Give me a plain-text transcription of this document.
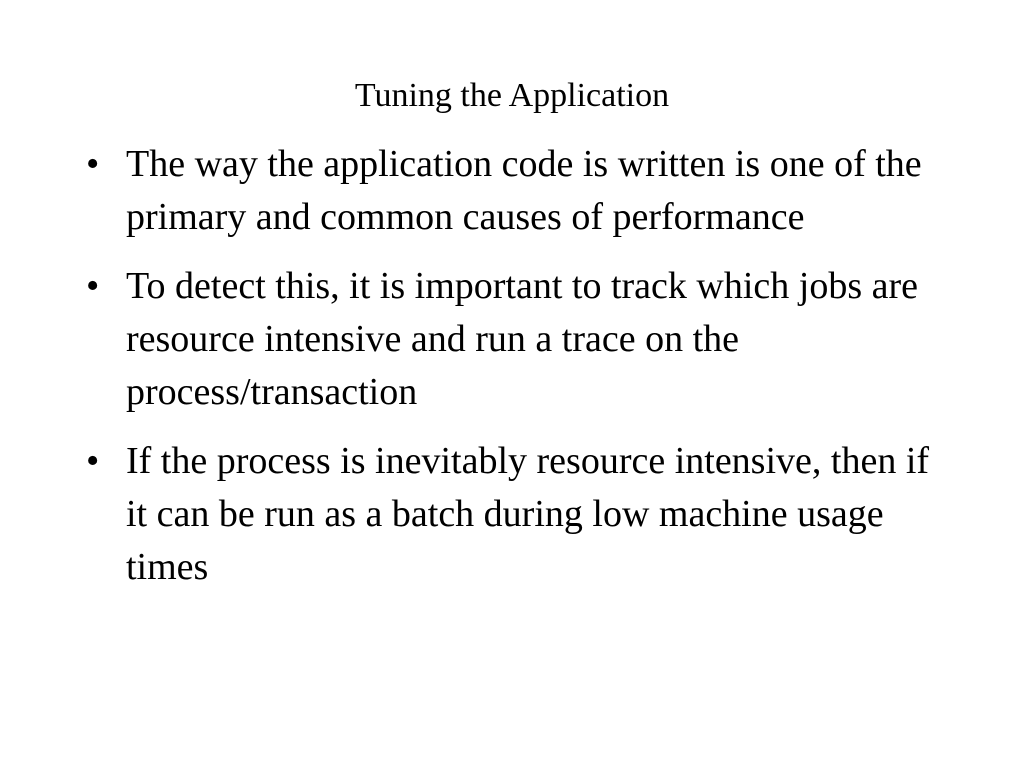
Tuning the Application
• The way the application code is written is one of the primary and common causes of performance
• To detect this, it is important to track which jobs are resource intensive and run a trace on the process/transaction
• If the process is inevitably resource intensive, then if it can be run as a batch during low machine usage times
